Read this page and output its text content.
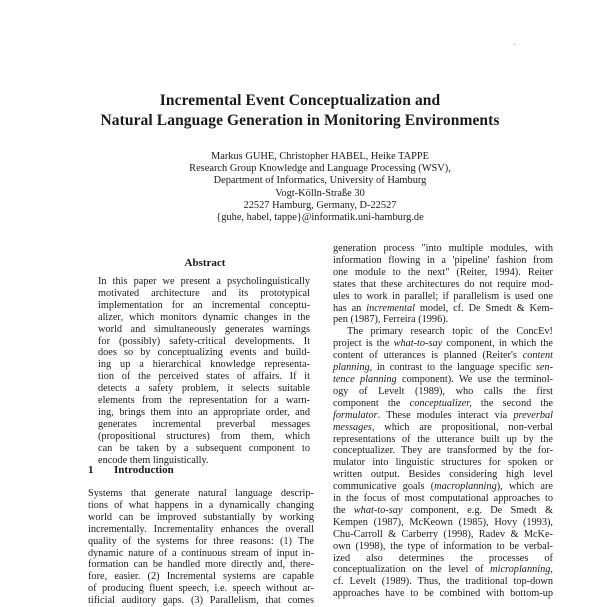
Incremental Event Conceptualization and
Natural Language Generation in Monitoring Environments
Markus GUHE, Christopher HABEL, Heike TAPPE
Research Group Knowledge and Language Processing (WSV),
Department of Informatics, University of Hamburg
Vogt-Kölln-Straße 30
22527 Hamburg, Germany, D-22527
{guhe, habel, tappe}@informatik.uni-hamburg.de
Abstract
In this paper we present a psycholinguistically
motivated architecture and its prototypical
implementation for an incremental conceptu-
alizer, which monitors dynamic changes in the
world and simultaneously generates warnings
for (possibly) safety-critical developments. It
does so by conceptualizing events and build-
ing up a hierarchical knowledge representa-
tion of the perceived states of affairs. If it
detects a safety problem, it selects suitable
elements from the representation for a warn-
ing, brings them into an appropriate order, and
generates incremental preverbal messages
(propositional structures) from them, which
can be taken by a subsequent component to
encode them linguistically.
1 Introduction
Systems that generate natural language descrip-
tions of what happens in a dynamically changing
world can be improved substantially by working
incrementally. Incrementality enhances the overall
quality of the systems for three reasons: (1) The
dynamic nature of a continuous stream of input in-
formation can be handled more directly and, there-
fore, easier. (2) Incremental systems are capable
of producing fluent speech, i.e. speech without ar-
tificial auditory gaps. (3) Parallelism, that comes
generation process "into multiple modules, with
information flowing in a 'pipeline' fashion from
one module to the next" (Reiter, 1994). Reiter
states that these architectures do not require mod-
ules to work in parallel; if parallelism is used one
has an incremental model, cf. De Smedt & Kem-
pen (1987), Ferreira (1996).
The primary research topic of the ConcEv!
project is the what-to-say component, in which the
content of utterances is planned (Reiter's content
planning, in contrast to the language specific sen-
tence planning component). We use the terminol-
ogy of Levelt (1989), who calls the first
component the conceptualizer, the second the
formulator. These modules interact via preverbal
messages, which are propositional, non-verbal
representations of the utterance built up by the
conceptualizer. They are transformed by the for-
mulator into linguistic structures for spoken or
written output. Besides considering high level
communicative goals (macroplanning), which are
in the focus of most computational approaches to
the what-to-say component, e.g. De Smedt &
Kempen (1987), McKeown (1985), Hovy (1993),
Chu-Carroll & Carberry (1998), Radev & McKe-
own (1998), the type of information to be verbal-
ized also determines the processes of
conceptualization on the level of microplanning,
cf. Levelt (1989). Thus, the traditional top-down
approaches have to be combined with bottom-up
